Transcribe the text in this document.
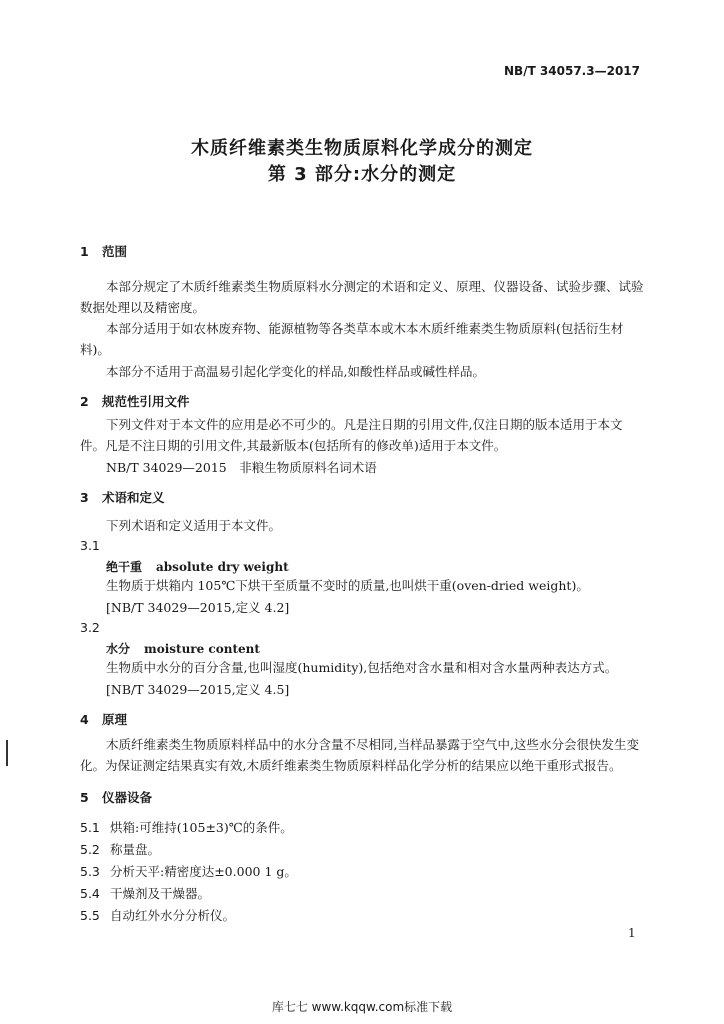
NB/T 34057.3—2017
木质纤维素类生物质原料化学成分的测定
第 3 部分:水分的测定
1 范围
本部分规定了木质纤维素类生物质原料水分测定的术语和定义、原理、仪器设备、试验步骤、试验数据处理以及精密度。
本部分适用于如农林废弃物、能源植物等各类草本或木本木质纤维素类生物质原料(包括衍生材料)。
本部分不适用于高温易引起化学变化的样品,如酸性样品或碱性样品。
2 规范性引用文件
下列文件对于本文件的应用是必不可少的。凡是注日期的引用文件,仅注日期的版本适用于本文件。凡是不注日期的引用文件,其最新版本(包括所有的修改单)适用于本文件。
NB/T 34029—2015　非粮生物质原料名词术语
3 术语和定义
下列术语和定义适用于本文件。
3.1
绝干重 absolute dry weight
生物质于烘箱内 105℃下烘干至质量不变时的质量,也叫烘干重(oven-dried weight)。
[NB/T 34029—2015,定义 4.2]
3.2
水分 moisture content
生物质中水分的百分含量,也叫湿度(humidity),包括绝对含水量和相对含水量两种表达方式。
[NB/T 34029—2015,定义 4.5]
4 原理
木质纤维素类生物质原料样品中的水分含量不尽相同,当样品暴露于空气中,这些水分会很快发生变化。为保证测定结果真实有效,木质纤维素类生物质原料样品化学分析的结果应以绝干重形式报告。
5 仪器设备
5.1 烘箱:可维持(105±3)℃的条件。
5.2 称量盘。
5.3 分析天平:精密度达±0.000 1 g。
5.4 干燥剂及干燥器。
5.5 自动红外水分分析仪。
1
库七七 www.kqqw.com标准下载
